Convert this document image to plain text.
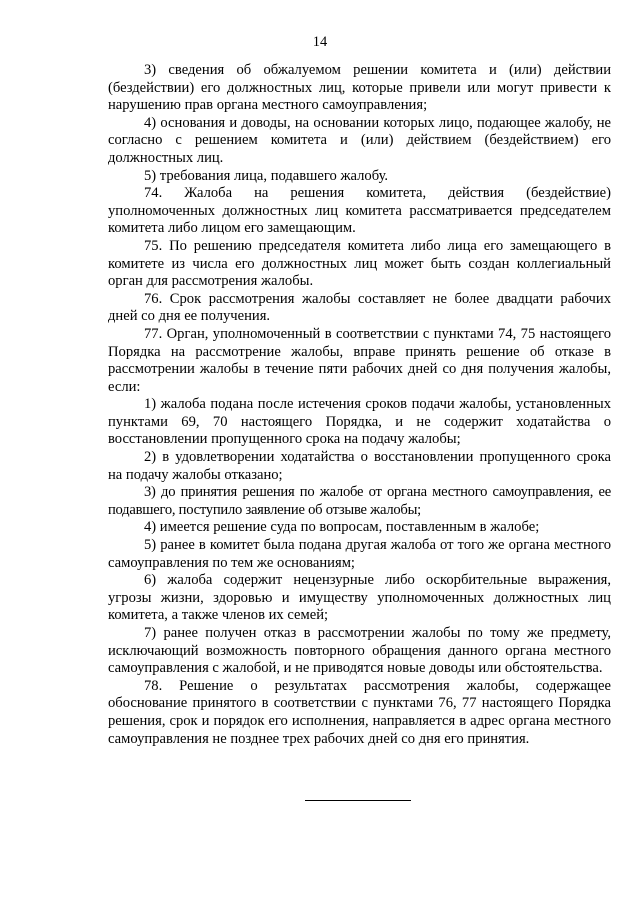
14

3) сведения об обжалуемом решении комитета и (или) действии (бездействии) его должностных лиц, которые привели или могут привести к нарушению прав органа местного самоуправления;

4) основания и доводы, на основании которых лицо, подающее жалобу, не согласно с решением комитета и (или) действием (бездействием) его должностных лиц.

5) требования лица, подавшего жалобу.

74. Жалоба на решения комитета, действия (бездействие) уполномоченных должностных лиц комитета рассматривается председателем комитета либо лицом его замещающим.

75. По решению председателя комитета либо лица его замещающего в комитете из числа его должностных лиц может быть создан коллегиальный орган для рассмотрения жалобы.

76. Срок рассмотрения жалобы составляет не более двадцати рабочих дней со дня ее получения.

77. Орган, уполномоченный в соответствии с пунктами 74, 75 настоящего Порядка на рассмотрение жалобы, вправе принять решение об отказе в рассмотрении жалобы в течение пяти рабочих дней со дня получения жалобы, если:

1) жалоба подана после истечения сроков подачи жалобы, установленных пунктами 69, 70 настоящего Порядка, и не содержит ходатайства о восстановлении пропущенного срока на подачу жалобы;

2) в удовлетворении ходатайства о восстановлении пропущенного срока на подачу жалобы отказано;

3) до принятия решения по жалобе от органа местного самоуправления, ее подавшего, поступило заявление об отзыве жалобы;

4) имеется решение суда по вопросам, поставленным в жалобе;

5) ранее в комитет была подана другая жалоба от того же органа местного самоуправления по тем же основаниям;

6) жалоба содержит нецензурные либо оскорбительные выражения, угрозы жизни, здоровью и имуществу уполномоченных должностных лиц комитета, а также членов их семей;

7) ранее получен отказ в рассмотрении жалобы по тому же предмету, исключающий возможность повторного обращения данного органа местного самоуправления с жалобой, и не приводятся новые доводы или обстоятельства.

78. Решение о результатах рассмотрения жалобы, содержащее обоснование принятого в соответствии с пунктами 76, 77 настоящего Порядка решения, срок и порядок его исполнения, направляется в адрес органа местного самоуправления не позднее трех рабочих дней со дня его принятия.
